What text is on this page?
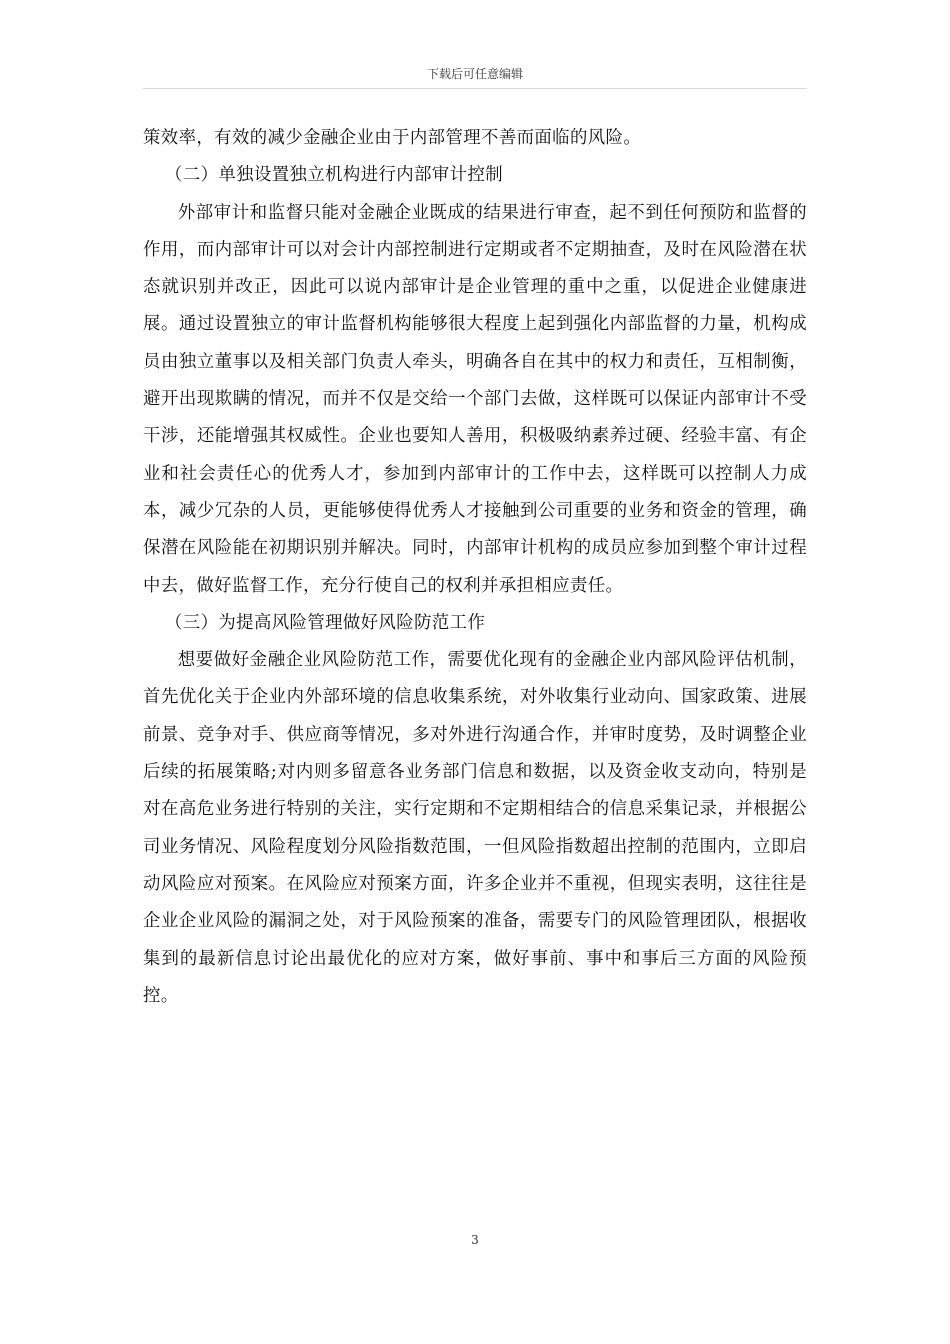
下载后可任意编辑

策效率，有效的减少金融企业由于内部管理不善而面临的风险。

（二）单独设置独立机构进行内部审计控制

外部审计和监督只能对金融企业既成的结果进行审查，起不到任何预防和监督的作用，而内部审计可以对会计内部控制进行定期或者不定期抽查，及时在风险潜在状态就识别并改正，因此可以说内部审计是企业管理的重中之重，以促进企业健康进展。通过设置独立的审计监督机构能够很大程度上起到强化内部监督的力量，机构成员由独立董事以及相关部门负责人牵头，明确各自在其中的权力和责任，互相制衡，避开出现欺瞒的情况，而并不仅是交给一个部门去做，这样既可以保证内部审计不受干涉，还能增强其权威性。企业也要知人善用，积极吸纳素养过硬、经验丰富、有企业和社会责任心的优秀人才，参加到内部审计的工作中去，这样既可以控制人力成本，减少冗杂的人员，更能够使得优秀人才接触到公司重要的业务和资金的管理，确保潜在风险能在初期识别并解决。同时，内部审计机构的成员应参加到整个审计过程中去，做好监督工作，充分行使自己的权利并承担相应责任。

（三）为提高风险管理做好风险防范工作

想要做好金融企业风险防范工作，需要优化现有的金融企业内部风险评估机制，首先优化关于企业内外部环境的信息收集系统，对外收集行业动向、国家政策、进展前景、竞争对手、供应商等情况，多对外进行沟通合作，并审时度势，及时调整企业后续的拓展策略;对内则多留意各业务部门信息和数据，以及资金收支动向，特别是对在高危业务进行特别的关注，实行定期和不定期相结合的信息采集记录，并根据公司业务情况、风险程度划分风险指数范围，一但风险指数超出控制的范围内，立即启动风险应对预案。在风险应对预案方面，许多企业并不重视，但现实表明，这往往是企业企业风险的漏洞之处，对于风险预案的准备，需要专门的风险管理团队，根据收集到的最新信息讨论出最优化的应对方案，做好事前、事中和事后三方面的风险预控。

3
